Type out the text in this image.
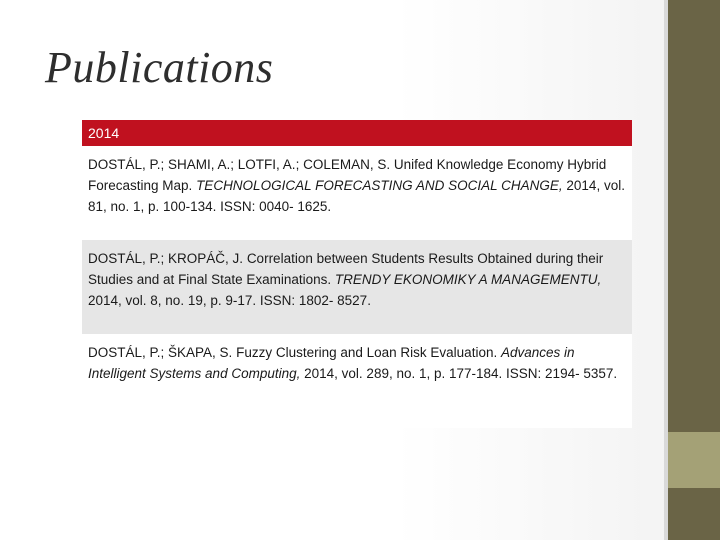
Publications
2014
DOSTÁL, P.; SHAMI, A.; LOTFI, A.; COLEMAN, S. Unifed Knowledge Economy Hybrid Forecasting Map. TECHNOLOGICAL FORECASTING AND SOCIAL CHANGE, 2014, vol. 81, no. 1, p. 100-134. ISSN: 0040- 1625.
DOSTÁL, P.; KROPÁČ, J. Correlation between Students Results Obtained during their Studies and at Final State Examinations. TRENDY EKONOMIKY A MANAGEMENTU, 2014, vol. 8, no. 19, p. 9-17. ISSN: 1802- 8527.
DOSTÁL, P.; ŠKAPA, S. Fuzzy Clustering and Loan Risk Evaluation. Advances in Intelligent Systems and Computing, 2014, vol. 289, no. 1, p. 177-184. ISSN: 2194- 5357.
